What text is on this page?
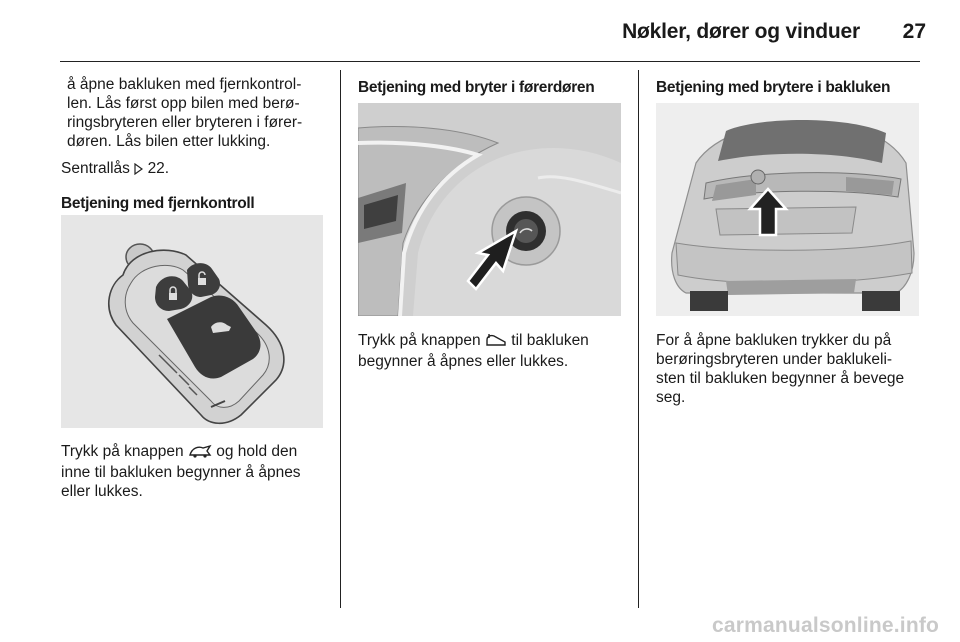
Nøkler, dører og vinduer	27

å åpne bakluken med fjernkontrol-

len. Lås først opp bilen med berø-

ringsbryteren eller bryteren i fører-

døren. Lås bilen etter lukking.

Sentrallås 22.

Betjening med fjernkontroll

Trykk på knappen  og hold den

inne til bakluken begynner å åpnes

eller lukkes.

Betjening med bryter i førerdøren

Trykk på knappen  til bakluken

begynner å åpnes eller lukkes.

Betjening med brytere i bakluken

For å åpne bakluken trykker du på

berøringsbryteren under baklukeli-

sten til bakluken begynner å bevege

seg.

carmanualsonline.info
